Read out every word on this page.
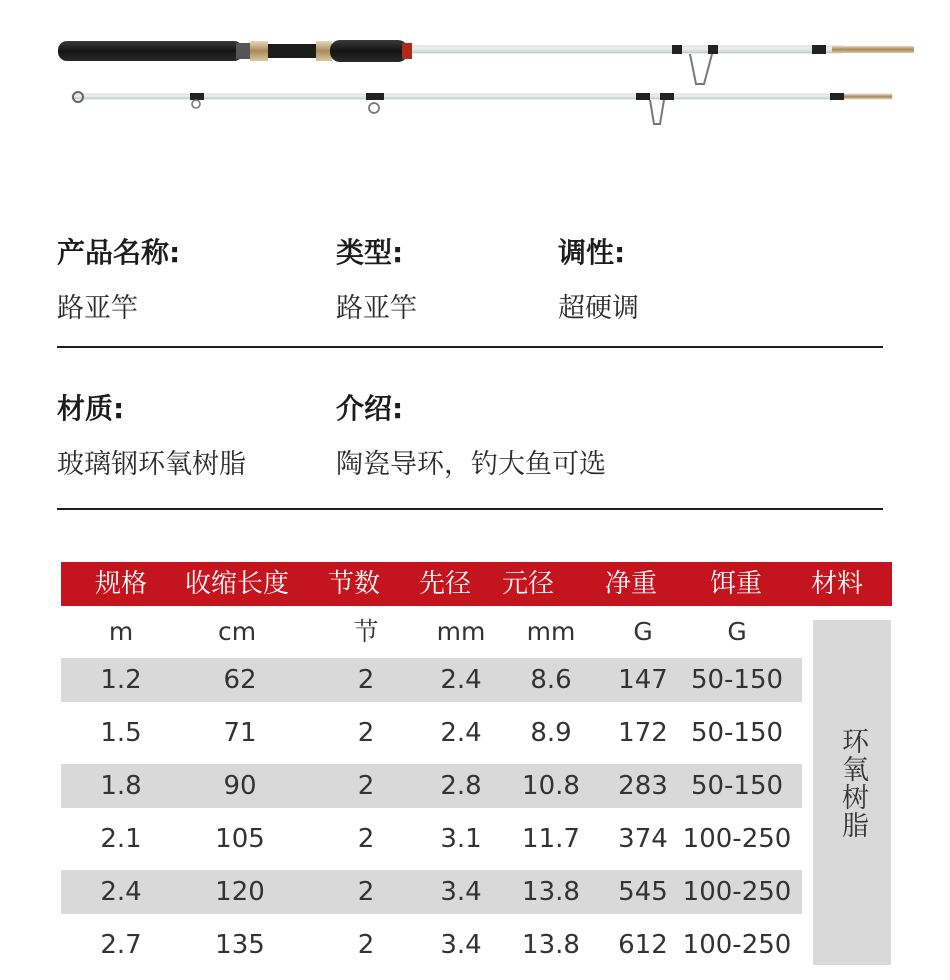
产品名称:
路亚竿
类型:
路亚竿
调性:
超硬调
材质:
玻璃钢环氧树脂
介绍:
陶瓷导环，钓大鱼可选
规格 收缩长度 节数 先径 元径 净重 饵重 材料
m	cm	节 mm mm G	G
1.2	62	2	2.4 8.6 147 50-150
1.5	71	2	2.4 8.9 172 50-150
1.8	90	2	2.8 10.8 283 50-150
2.1	105	2	3.1 11.7 374 100-250
2.4	120	2	3.4 13.8 545 100-250
2.7	135	2	3.4 13.8 612 100-250
环氧树脂
